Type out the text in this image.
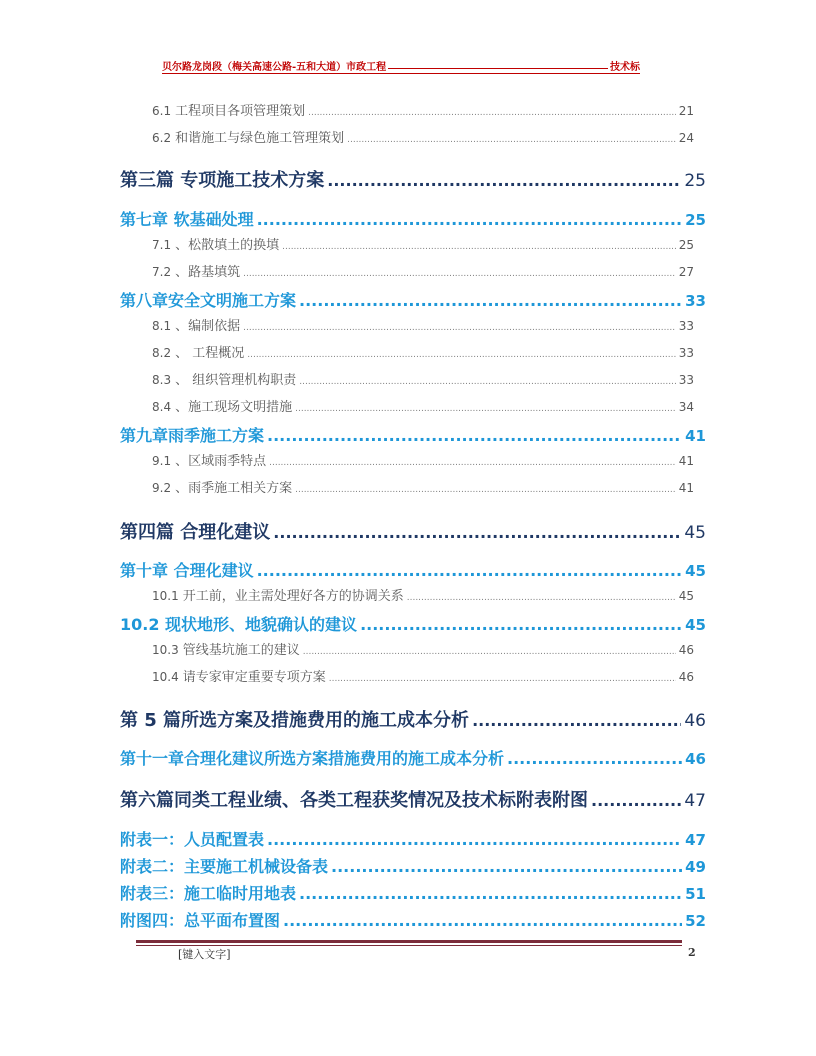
贝尔路龙岗段（梅关高速公路-五和大道）市政工程	技术标
6.1 工程项目各项管理策划 .....	21
6.2 和谐施工与绿色施工管理策划 .....	24
第三篇 专项施工技术方案 .....	25
第七章 软基础处理 .....	25
7.1 、松散填土的换填 .....	25
7.2 、路基填筑 .....	27
第八章安全文明施工方案 .....	33
8.1 、编制依据 .....	33
8.2 、 工程概况 .....	33
8.3 、 组织管理机构职责 .....	33
8.4 、施工现场文明措施 .....	34
第九章雨季施工方案 .....	41
9.1 、区域雨季特点 .....	41
9.2 、雨季施工相关方案 .....	41
第四篇 合理化建议 .....	45
第十章 合理化建议 .....	45
10.1 开工前，业主需处理好各方的协调关系 .....	45
10.2 现状地形、地貌确认的建议 .....	45
10.3 管线基坑施工的建议 .....	46
10.4 请专家审定重要专项方案 .....	46
第 5 篇所选方案及措施费用的施工成本分析 .....	46
第十一章合理化建议所选方案措施费用的施工成本分析 .....	46
第六篇同类工程业绩、各类工程获奖情况及技术标附表附图 .....	47
附表一：人员配置表 .....	47
附表二：主要施工机械设备表 .....	49
附表三：施工临时用地表 .....	51
附图四：总平面布置图 .....	52
[键入文字]	2
